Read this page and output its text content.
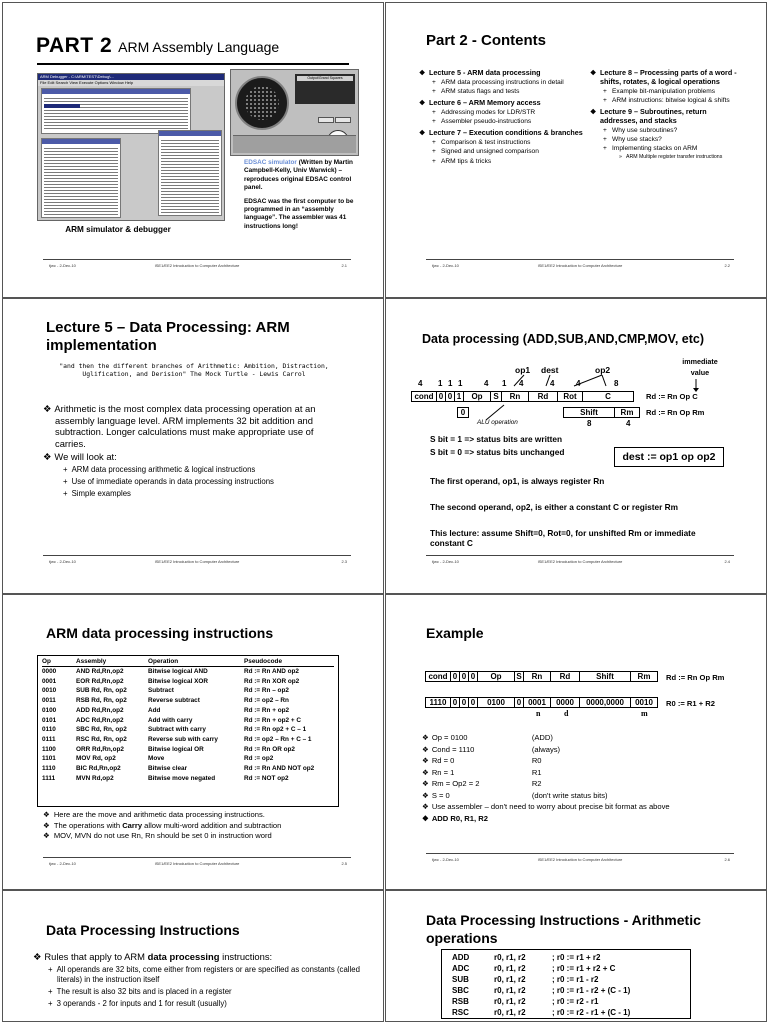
PART 2 ARM Assembly Language
ARM Debugger - C:\ARM\TEST\Debug\...
File Edit Search View Execute Options Window Help
Output/Grand Squares
ARM simulator & debugger

EDSAC simulator (Written by Martin Campbell-Kelly, Univ Warwick) – reproduces original EDSAC control panel.

EDSAC was the first computer to be programmed in an “assembly language”. The assembler was 41 instructions long!

tjwc - 2-Dec-10	ISE1/EE2 Introduction to Computer Architecture	2.1
Part 2 - Contents
❖ Lecture 5 - ARM data processing
+ ARM data processing instructions in detail
+ ARM status flags and tests
❖ Lecture 6 – ARM Memory access
+ Addressing modes for LDR/STR
+ Assembler pseudo-instructions
❖ Lecture 7 – Execution conditions & branches
+ Comparison & test instructions
+ Signed and unsigned comparison
+ ARM tips & tricks
❖ Lecture 8 – Processing parts of a word - shifts, rotates, & logical operations
+ Example bit-manipulation problems
+ ARM instructions: bitwise logical & shifts
❖ Lecture 9 – Subroutines, return addresses, and stacks
+ Why use subroutines?
+ Why use stacks?
+ Implementing stacks on ARM
» ARM Multiple register transfer instructions
tjwc - 2-Dec-10	ISE1/EE2 Introduction to Computer Architecture	2.2
Lecture 5 – Data Processing: ARM implementation
"and then the different branches of Arithmetic: Ambition, Distraction, Uglification, and Derision" The Mock Turtle - Lewis Carrol
❖ Arithmetic is the most complex data processing operation at an assembly language level. ARM implements 32 bit addition and subtraction. Longer calculations must make appropriate use of carries.
❖ We will look at:
+ ARM data processing arithmetic & logical instructions
+ Use of immediate operands in data processing instructions
+ Simple examples
tjwc - 2-Dec-10	ISE1/EE2 Introduction to Computer Architecture	2.3
Data processing (ADD,SUB,AND,CMP,MOV, etc)
immediate value
op1 dest	op2
4 1 1 1	4 1 4	4	4	8
cond 0 0 1	Op	S	Rn	Rd	Rot	C	Rd := Rn Op C
0
ALU operation
Shift	Rm	Rd := Rn Op Rm
8	4
S bit = 1 => status bits are written
S bit = 0 => status bits unchanged	dest := op1 op op2
The first operand, op1, is always register Rn
The second operand, op2, is either a constant C or register Rm
This lecture: assume Shift=0, Rot=0, for unshifted Rm or immediate constant C
tjwc - 2-Dec-10	ISE1/EE2 Introduction to Computer Architecture	2.4
ARM data processing instructions
Op	Assembly	Operation	Pseudocode
0000	AND Rd,Rn,op2	Bitwise logical AND	Rd := Rn AND op2
0001	EOR Rd,Rn,op2	Bitwise logical XOR	Rd := Rn XOR op2
0010	SUB Rd, Rn, op2	Subtract	Rd := Rn – op2
0011	RSB Rd, Rn, op2	Reverse subtract	Rd := op2 – Rn
0100	ADD Rd,Rn,op2	Add	Rd := Rn + op2
0101	ADC Rd,Rn,op2	Add with carry	Rd := Rn + op2 + C
0110	SBC Rd, Rn, op2	Subtract with carry	Rd := Rn op2 + C – 1
0111	RSC Rd, Rn, op2	Reverse sub with carry	Rd := op2 – Rn + C – 1
1100	ORR Rd,Rn,op2	Bitwise logical OR	Rd := Rn OR op2
1101	MOV Rd, op2	Move	Rd := op2
1110	BIC Rd,Rn,op2	Bitwise clear	Rd := Rn AND NOT op2
1111	MVN Rd,op2	Bitwise move negated	Rd := NOT op2
❖ Here are the move and arithmetic data processing instructions.
❖ The operations with Carry allow multi-word addition and subtraction
❖ MOV, MVN do not use Rn, Rn should be set 0 in instruction word
tjwc - 2-Dec-10	ISE1/EE2 Introduction to Computer Architecture	2.5
Example
cond 0 0 0	Op	S	Rn	Rd	Shift	Rm	Rd := Rn Op Rm
1110 0 0 0	0100	0 0001	0000	0000,0000	0010	R0 := R1 + R2
n	d	m
❖ Op = 0100	(ADD)
❖ Cond = 1110	(always)
❖ Rd = 0	R0
❖ Rn = 1	R1
❖ Rm = Op2 = 2	R2
❖ S = 0	(don't write status bits)
❖ Use assembler – don't need to worry about precise bit format as above
❖ ADD R0, R1, R2
tjwc - 2-Dec-10	ISE1/EE2 Introduction to Computer Architecture	2.6
Data Processing Instructions
❖ Rules that apply to ARM data processing instructions:
+ All operands are 32 bits, come either from registers or are specified as constants (called literals) in the instruction itself
+ The result is also 32 bits and is placed in a register
+ 3 operands - 2 for inputs and 1 for result (usually)
Data Processing Instructions - Arithmetic operations
ADD	r0, r1, r2	; r0 := r1 + r2
ADC	r0, r1, r2	; r0 := r1 + r2 + C
SUB	r0, r1, r2	; r0 := r1 - r2
SBC	r0, r1, r2	; r0 := r1 - r2 + (C - 1)
RSB	r0, r1, r2	; r0 := r2 - r1
RSC	r0, r1, r2	; r0 := r2 - r1 + (C - 1)
